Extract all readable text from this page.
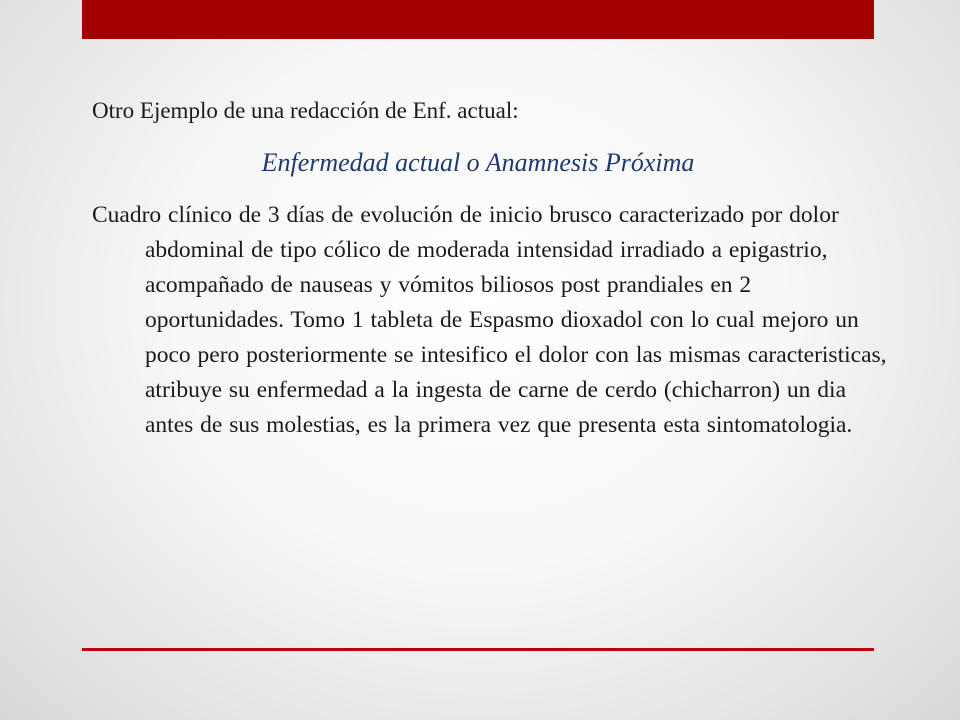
Otro Ejemplo de una redacción de Enf. actual:

Enfermedad actual o Anamnesis Próxima

Cuadro clínico de 3 días de evolución de inicio brusco caracterizado por dolor abdominal de tipo cólico de moderada intensidad irradiado a epigastrio, acompañado de nauseas y vómitos biliosos post prandiales en 2 oportunidades. Tomo 1 tableta de Espasmo dioxadol con lo cual mejoro un poco pero posteriormente se intesifico el dolor con las mismas caracteristicas, atribuye su enfermedad a la ingesta de carne de cerdo (chicharron) un dia antes de sus molestias, es la primera vez que presenta esta sintomatologia.
